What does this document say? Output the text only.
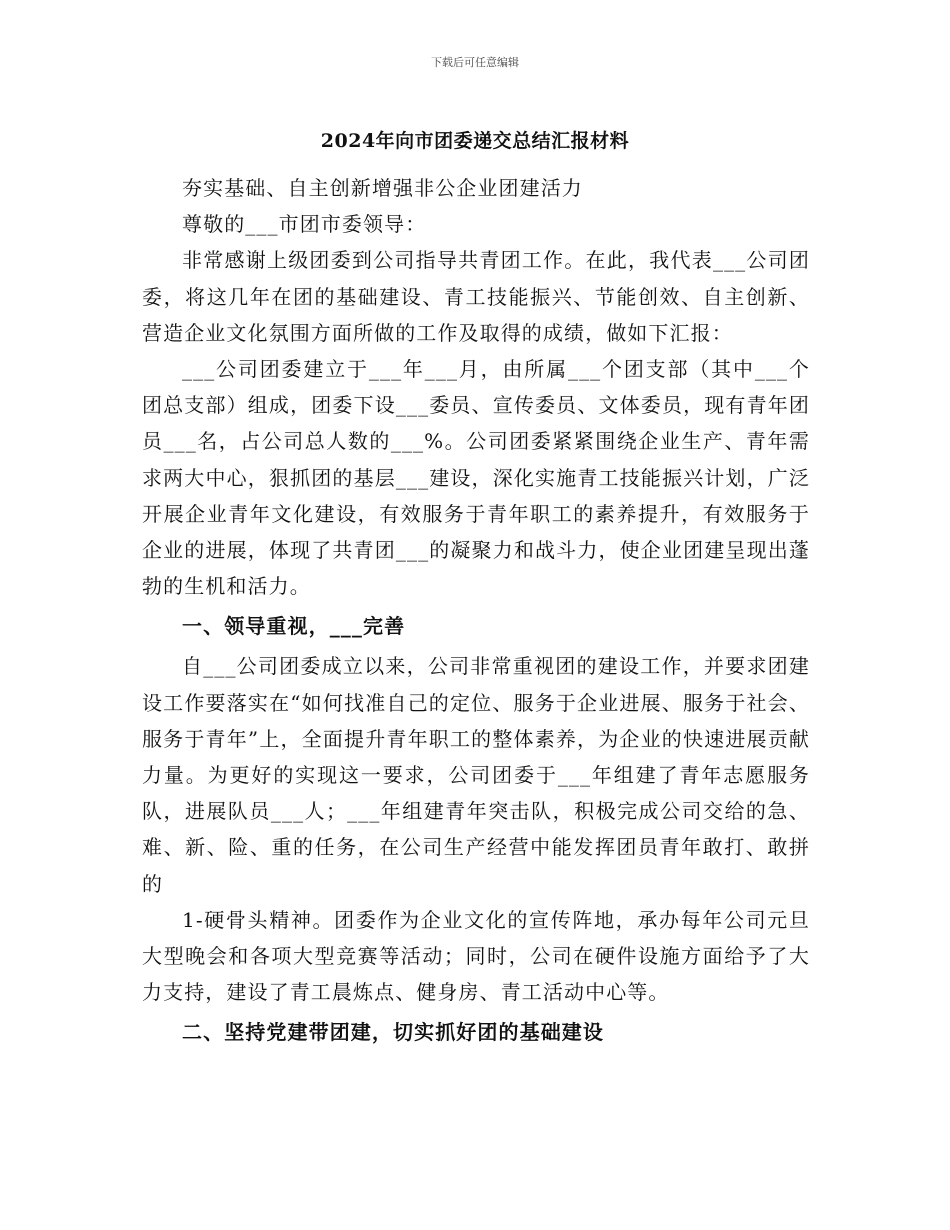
下载后可任意编辑
2024年向市团委递交总结汇报材料

夯实基础、自主创新增强非公企业团建活力

尊敬的___市团市委领导：

非常感谢上级团委到公司指导共青团工作。在此，我代表___公司团委，将这几年在团的基础建设、青工技能振兴、节能创效、自主创新、营造企业文化氛围方面所做的工作及取得的成绩，做如下汇报：

___公司团委建立于___年___月，由所属___个团支部（其中___个团总支部）组成，团委下设___委员、宣传委员、文体委员，现有青年团员___名，占公司总人数的___%。公司团委紧紧围绕企业生产、青年需求两大中心，狠抓团的基层___建设，深化实施青工技能振兴计划，广泛开展企业青年文化建设，有效服务于青年职工的素养提升，有效服务于企业的进展，体现了共青团___的凝聚力和战斗力，使企业团建呈现出蓬勃的生机和活力。

一、领导重视，___完善

自___公司团委成立以来，公司非常重视团的建设工作，并要求团建设工作要落实在“如何找准自己的定位、服务于企业进展、服务于社会、服务于青年”上，全面提升青年职工的整体素养，为企业的快速进展贡献力量。为更好的实现这一要求，公司团委于___年组建了青年志愿服务队，进展队员___人；___年组建青年突击队，积极完成公司交给的急、难、新、险、重的任务，在公司生产经营中能发挥团员青年敢打、敢拼的

1-硬骨头精神。团委作为企业文化的宣传阵地，承办每年公司元旦大型晚会和各项大型竞赛等活动；同时，公司在硬件设施方面给予了大力支持，建设了青工晨炼点、健身房、青工活动中心等。

二、坚持党建带团建，切实抓好团的基础建设
